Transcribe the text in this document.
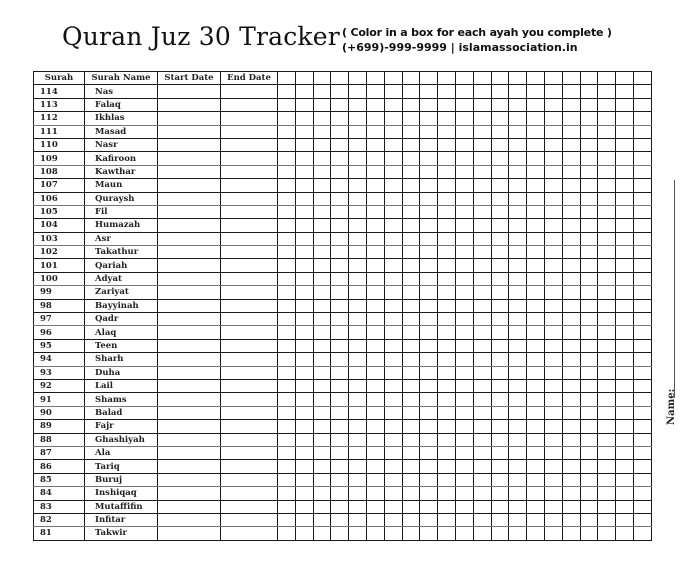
Quran Juz 30 Tracker ( Color in a box for each ayah you complete )
(+699)-999-9999 | islamassociation.in
Surah	Surah Name	Start Date	End Date																					
114	Nas																							
113	Falaq																							
112	Ikhlas																							
111	Masad																							
110	Nasr																							
109	Kafiroon																							
108	Kawthar																							
107	Maun																							
106	Quraysh																							
105	Fil																							
104	Humazah																							
103	Asr																							
102	Takathur																							
101	Qariah																							
100	Adyat																							
99	Zariyat																							
98	Bayyinah																							
97	Qadr																							
96	Alaq																							
95	Teen																							
94	Sharh																							
93	Duha																							
92	Lail																							
91	Shams																							
90	Balad																							
89	Fajr																							
88	Ghashiyah																							
87	Ala																							
86	Tariq																							
85	Buruj																							
84	Inshiqaq																							
83	Mutaffifin																							
82	Infitar																							
81	Takwir																							
Name:
